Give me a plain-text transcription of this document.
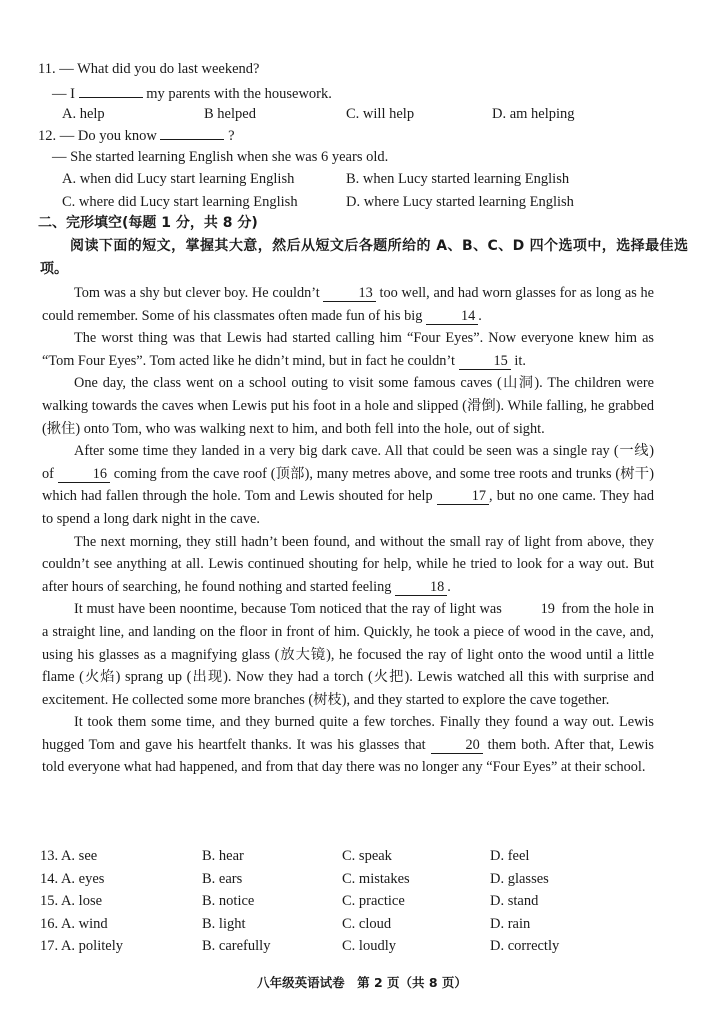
11. — What did you do last weekend?
— I	my parents with the housework.
A. help	B helped	C. will help	D. am helping
12. — Do you know	?
— She started learning English when she was 6 years old.
A. when did Lucy start learning English	B. when Lucy started learning English
C. where did Lucy start learning English	D. where Lucy started learning English
二、完形填空(每题 1 分，共 8 分)
阅读下面的短文，掌握其大意，然后从短文后各题所给的 A、B、C、D 四个选项中，选择最佳选项。

Tom was a shy but clever boy. He couldn’t	13 too well, and had worn glasses for as long as he could remember. Some of his classmates often made fun of his big	14 .

The worst thing was that Lewis had started calling him “Four Eyes”. Now everyone knew him as “Tom Four Eyes”. Tom acted like he didn’t mind, but in fact he couldn’t	15 it.

One day, the class went on a school outing to visit some famous caves (山洞). The children were walking towards the caves when Lewis put his foot in a hole and slipped (滑倒). While falling, he grabbed (揪住) onto Tom, who was walking next to him, and both fell into the hole, out of sight.

After some time they landed in a very big dark cave. All that could be seen was a single ray (一线) of	16 coming from the cave roof (顶部), many metres above, and some tree roots and trunks (树干) which had fallen through the hole. Tom and Lewis shouted for help	17 , but no one came. They had to spend a long dark night in the cave.

The next morning, they still hadn’t been found, and without the small ray of light from above, they couldn’t see anything at all. Lewis continued shouting for help, while he tried to look for a way out. But after hours of searching, he found nothing and started feeling	18 .

It must have been noontime, because Tom noticed that the ray of light was	19 from the hole in a straight line, and landing on the floor in front of him. Quickly, he took a piece of wood in the cave, and, using his glasses as a magnifying glass (放大镜), he focused the ray of light onto the wood until a little flame (火焰) sprang up (出现). Now they had a torch (火把). Lewis watched all this with surprise and excitement. He collected some more branches (树枝), and they started to explore the cave together.

It took them some time, and they burned quite a few torches. Finally they found a way out. Lewis hugged Tom and gave his heartfelt thanks. It was his glasses that	20 them both. After that, Lewis told everyone what had happened, and from that day there was no longer any “Four Eyes” at their school.

13. A. see	B. hear	C. speak	D. feel
14. A. eyes	B. ears	C. mistakes	D. glasses
15. A. lose	B. notice	C. practice	D. stand
16. A. wind	B. light	C. cloud	D. rain
17. A. politely	B. carefully	C. loudly	D. correctly
八年级英语试卷　第 2 页（共 8 页）
